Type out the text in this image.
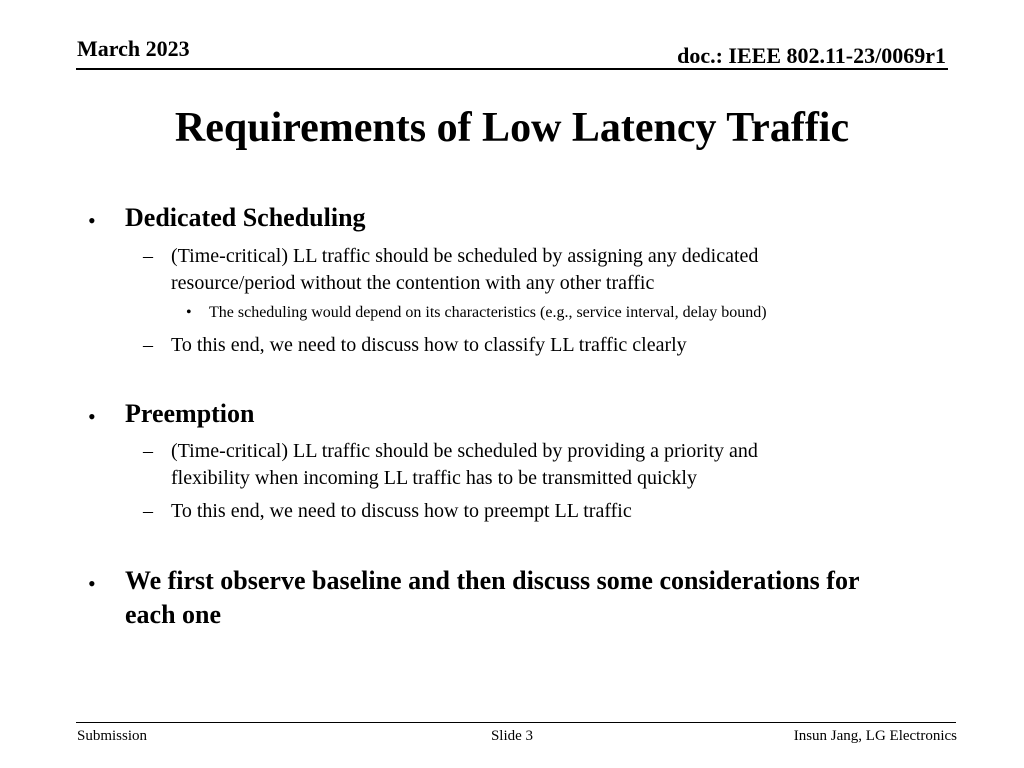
March 2023	doc.: IEEE 802.11-23/0069r1
Requirements of Low Latency Traffic
• Dedicated Scheduling
– (Time-critical) LL traffic should be scheduled by assigning any dedicated
resource/period without the contention with any other traffic
• The scheduling would depend on its characteristics (e.g., service interval, delay bound)
– To this end, we need to discuss how to classify LL traffic clearly
• Preemption
– (Time-critical) LL traffic should be scheduled by providing a priority and
flexibility when incoming LL traffic has to be transmitted quickly
– To this end, we need to discuss how to preempt LL traffic
• We first observe baseline and then discuss some considerations for
each one
Submission	Slide 3	Insun Jang, LG Electronics
